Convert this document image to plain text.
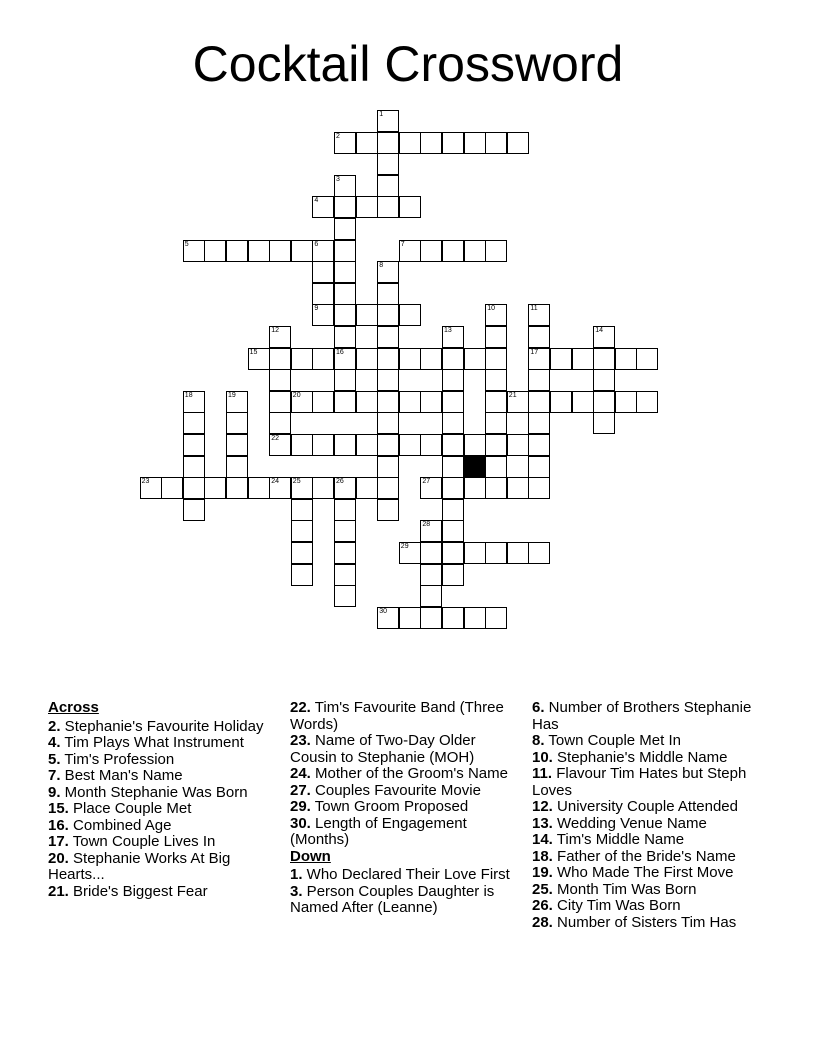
Cocktail Crossword
1
2
3
4
5	6	7
8
9	10	11
12	13	14
15	16	17
18	19	20	21
22
23	24 25	26	27
28
29
30
Across
2. Stephanie's Favourite Holiday
4. Tim Plays What Instrument
5. Tim's Profession
7. Best Man's Name
9. Month Stephanie Was Born
15. Place Couple Met
16. Combined Age
17. Town Couple Lives In
20. Stephanie Works At Big Hearts...
21. Bride's Biggest Fear
22. Tim's Favourite Band (Three Words)
23. Name of Two-Day Older Cousin to Stephanie (MOH)
24. Mother of the Groom's Name
27. Couples Favourite Movie
29. Town Groom Proposed
30. Length of Engagement (Months)
Down
1. Who Declared Their Love First
3. Person Couples Daughter is Named After (Leanne)
6. Number of Brothers Stephanie Has
8. Town Couple Met In
10. Stephanie's Middle Name
11. Flavour Tim Hates but Steph Loves
12. University Couple Attended
13. Wedding Venue Name
14. Tim's Middle Name
18. Father of the Bride's Name
19. Who Made The First Move
25. Month Tim Was Born
26. City Tim Was Born
28. Number of Sisters Tim Has
